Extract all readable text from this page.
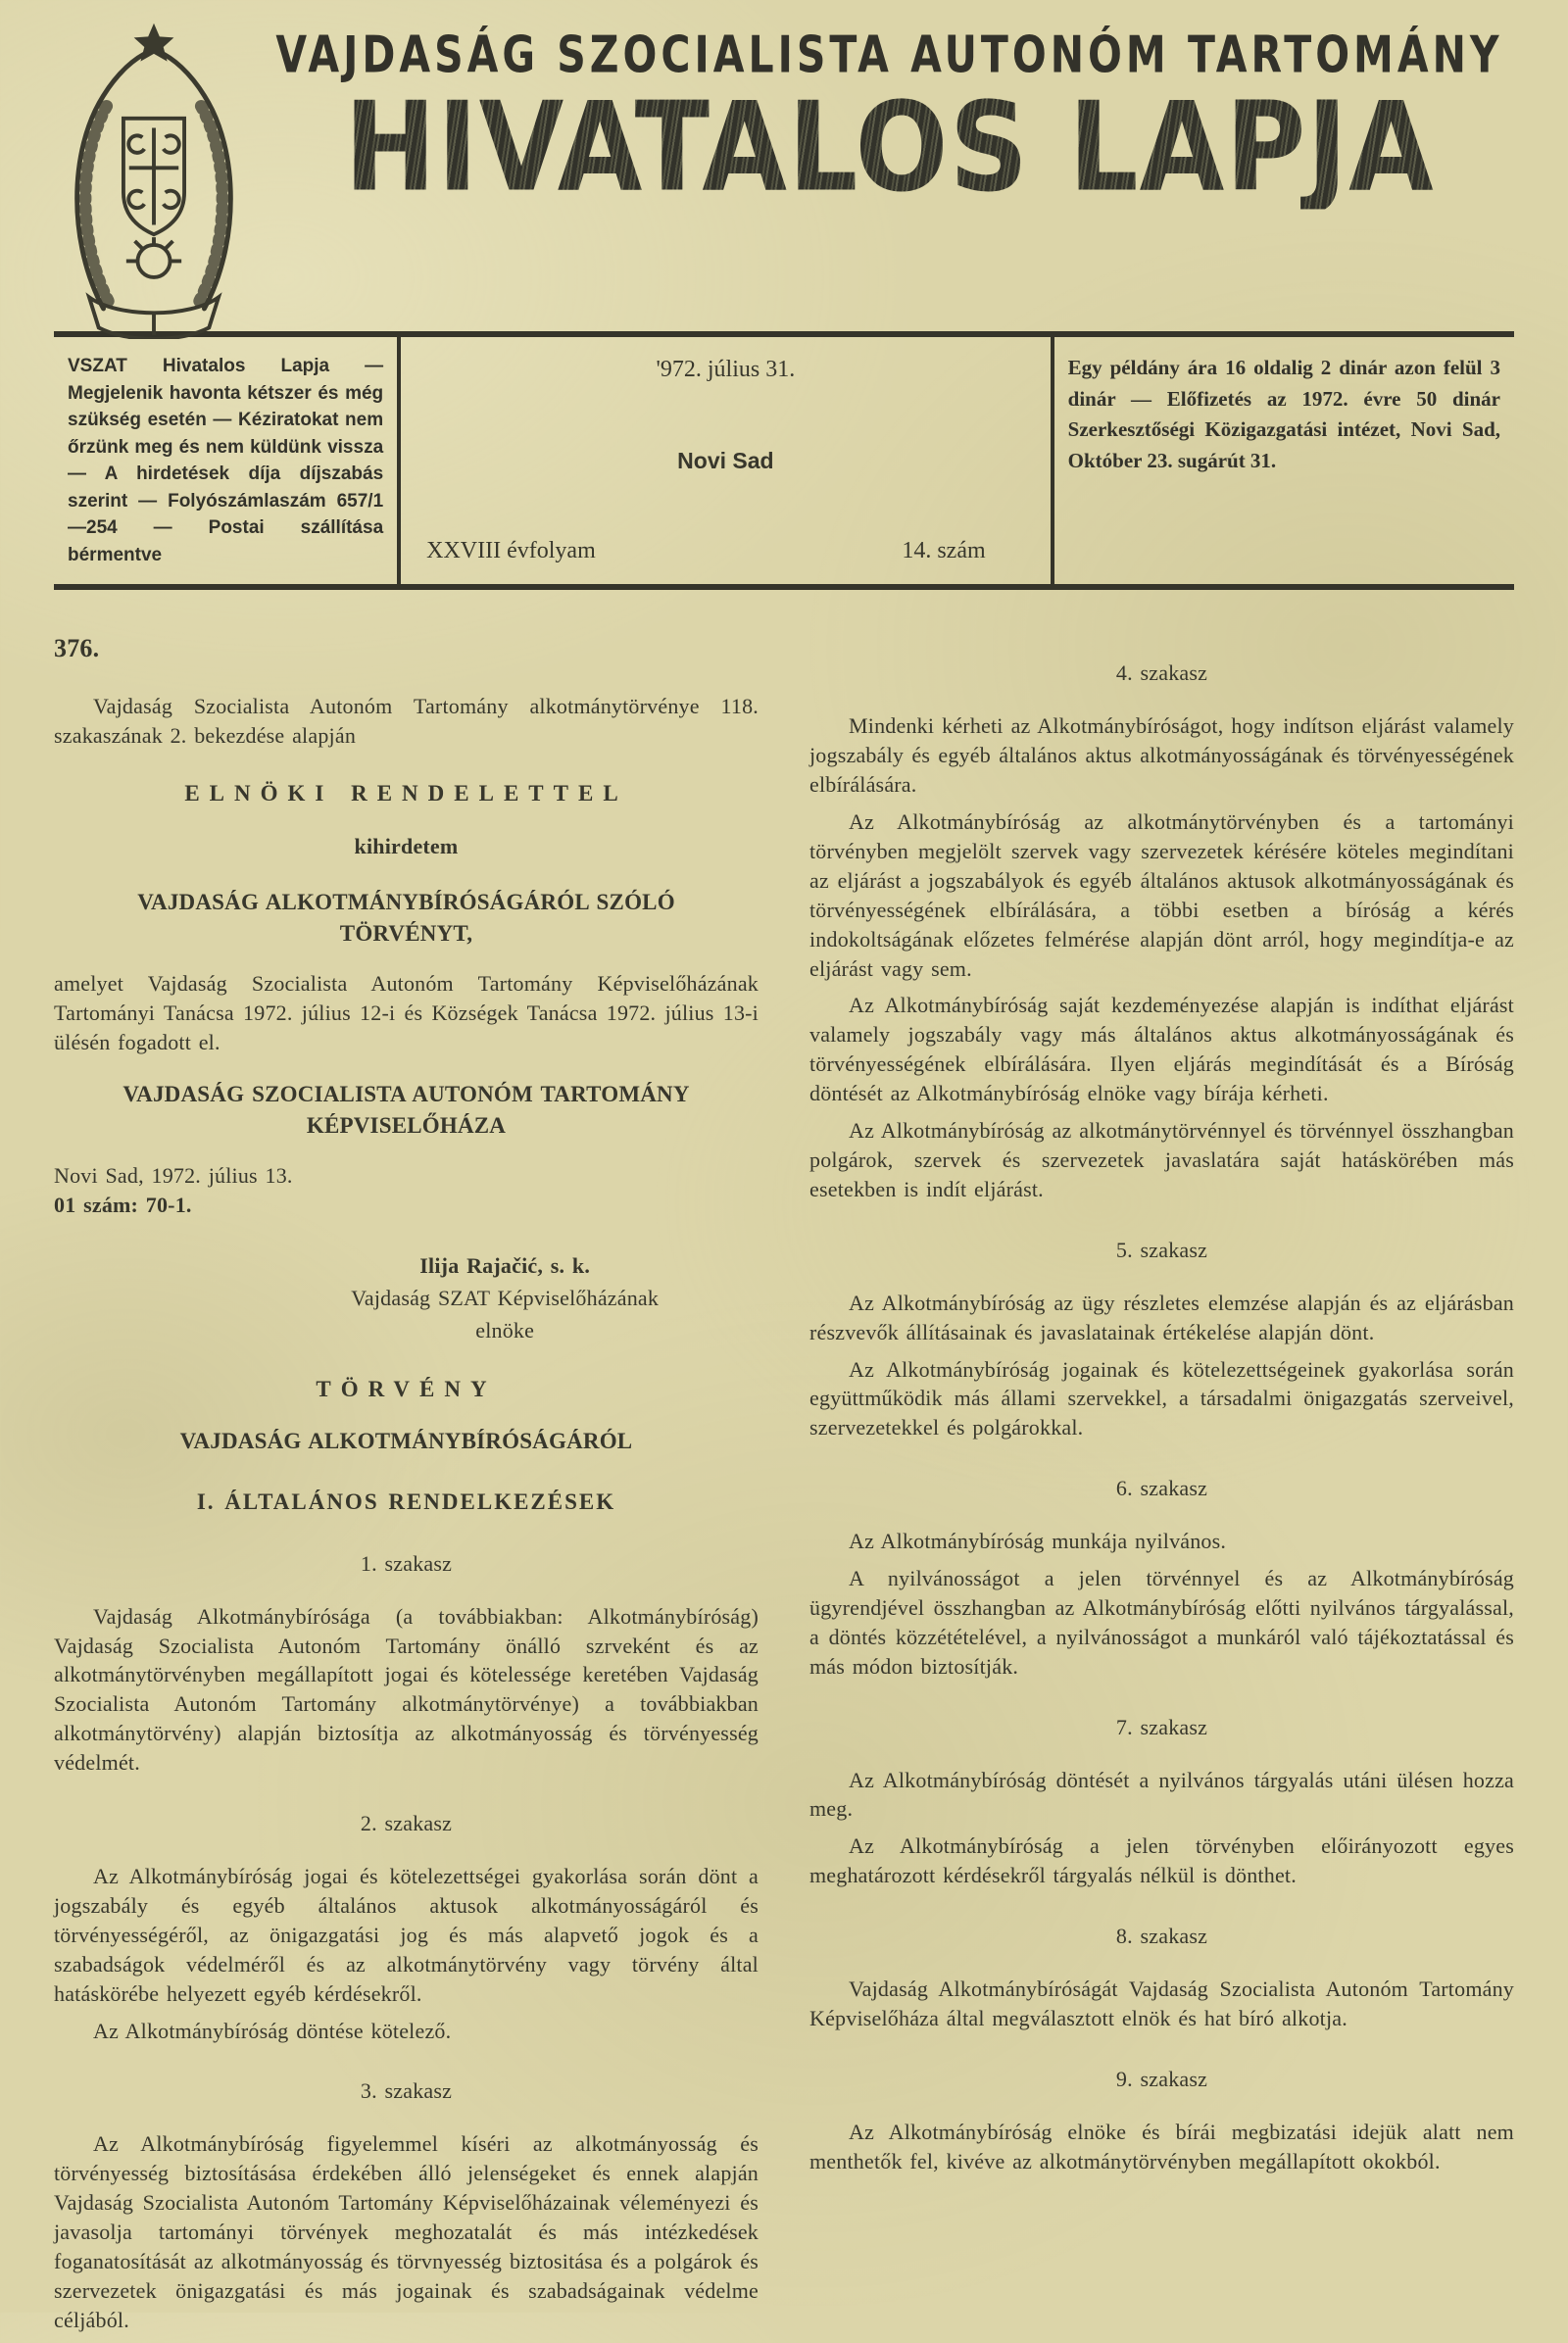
VAJDASÁG SZOCIALISTA AUTONÓM TARTOMÁNY
HIVATALOS LAPJA
VSZAT Hivatalos Lapja — Megjelenik havonta kétszer és még szükség esetén — Kéziratokat nem őrzünk meg és nem küldünk vissza — A hirdetések díja díjszabás szerint — Folyószámlaszám 657/1—254 — Postai szállítása bérmentve
'972. július 31.
Novi Sad
XXVIII évfolyam	14. szám
Egy példány ára 16 oldalig 2 dinár azon felül 3 dinár — Előfizetés az 1972. évre 50 dinár Szerkesztőségi Közigazgatási intézet, Novi Sad, Október 23. sugárút 31.
376.
Vajdaság Szocialista Autonóm Tartomány alkotmánytörvénye 118. szakaszának 2. bekezdése alapján
ELNÖKI RENDELETTEL
kihirdetem
VAJDASÁG ALKOTMÁNYBÍRÓSÁGÁRÓL SZÓLÓ TÖRVÉNYT,
amelyet Vajdaság Szocialista Autonóm Tartomány Képviselőházának Tartományi Tanácsa 1972. július 12-i és Községek Tanácsa 1972. július 13-i ülésén fogadott el.
VAJDASÁG SZOCIALISTA AUTONÓM TARTOMÁNY KÉPVISELŐHÁZA
Novi Sad, 1972. július 13.
01 szám: 70-1.
Ilija Rajačić, s. k.
Vajdaság SZAT Képviselőházának
elnöke
TÖRVÉNY
VAJDASÁG ALKOTMÁNYBÍRÓSÁGÁRÓL
I. ÁLTALÁNOS RENDELKEZÉSEK
1. szakasz
Vajdaság Alkotmánybírósága (a továbbiakban: Alkotmánybíróság) Vajdaság Szocialista Autonóm Tartomány önálló szrveként és az alkotmánytörvényben megállapított jogai és kötelessége keretében Vajdaság Szocialista Autonóm Tartomány alkotmánytörvénye) a továbbiakban alkotmánytörvény) alapján biztosítja az alkotmányosság és törvényesség védelmét.
2. szakasz
Az Alkotmánybíróság jogai és kötelezettségei gyakorlása során dönt a jogszabály és egyéb általános aktusok alkotmányosságáról és törvényességéről, az önigazgatási jog és más alapvető jogok és a szabadságok védelméről és az alkotmánytörvény vagy törvény által hatáskörébe helyezett egyéb kérdésekről.
Az Alkotmánybíróság döntése kötelező.
3. szakasz
Az Alkotmánybíróság figyelemmel kíséri az alkotmányosság és törvényesség biztosításása érdekében álló jelenségeket és ennek alapján Vajdaság Szocialista Autonóm Tartomány Képviselőházainak véleményezi és javasolja tartományi törvények meghozatalát és más intézkedések foganatosítását az alkotmányosság és törvnyesség biztositása és a polgárok és szervezetek önigazgatási és más jogainak és szabadságainak védelme céljából.
4. szakasz
Mindenki kérheti az Alkotmánybíróságot, hogy indítson eljárást valamely jogszabály és egyéb általános aktus alkotmányosságának és törvényességének elbírálására.
Az Alkotmánybíróság az alkotmánytörvényben és a tartományi törvényben megjelölt szervek vagy szervezetek kérésére köteles megindítani az eljárást a jogszabályok és egyéb általános aktusok alkotmányosságának és törvényességének elbírálására, a többi esetben a bíróság a kérés indokoltságának előzetes felmérése alapján dönt arról, hogy megindítja-e az eljárást vagy sem.
Az Alkotmánybíróság saját kezdeményezése alapján is indíthat eljárást valamely jogszabály vagy más általános aktus alkotmányosságának és törvényességének elbírálására. Ilyen eljárás megindítását és a Bíróság döntését az Alkotmánybíróság elnöke vagy bírája kérheti.
Az Alkotmánybíróság az alkotmánytörvénnyel és törvénnyel összhangban polgárok, szervek és szervezetek javaslatára saját hatáskörében más esetekben is indít eljárást.
5. szakasz
Az Alkotmánybíróság az ügy részletes elemzése alapján és az eljárásban részvevők állításainak és javaslatainak értékelése alapján dönt.
Az Alkotmánybíróság jogainak és kötelezettségeinek gyakorlása során együttműködik más állami szervekkel, a társadalmi önigazgatás szerveivel, szervezetekkel és polgárokkal.
6. szakasz
Az Alkotmánybíróság munkája nyilvános.
A nyilvánosságot a jelen törvénnyel és az Alkotmánybíróság ügyrendjével összhangban az Alkotmánybíróság előtti nyilvános tárgyalással, a döntés közzétételével, a nyilvánosságot a munkáról való tájékoztatással és más módon biztosítják.
7. szakasz
Az Alkotmánybíróság döntését a nyilvános tárgyalás utáni ülésen hozza meg.
Az Alkotmánybíróság a jelen törvényben előirányozott egyes meghatározott kérdésekről tárgyalás nélkül is dönthet.
8. szakasz
Vajdaság Alkotmánybíróságát Vajdaság Szocialista Autonóm Tartomány Képviselőháza által megválasztott elnök és hat bíró alkotja.
9. szakasz
Az Alkotmánybíróság elnöke és bírái megbizatási idejük alatt nem menthetők fel, kivéve az alkotmánytörvényben megállapított okokból.
